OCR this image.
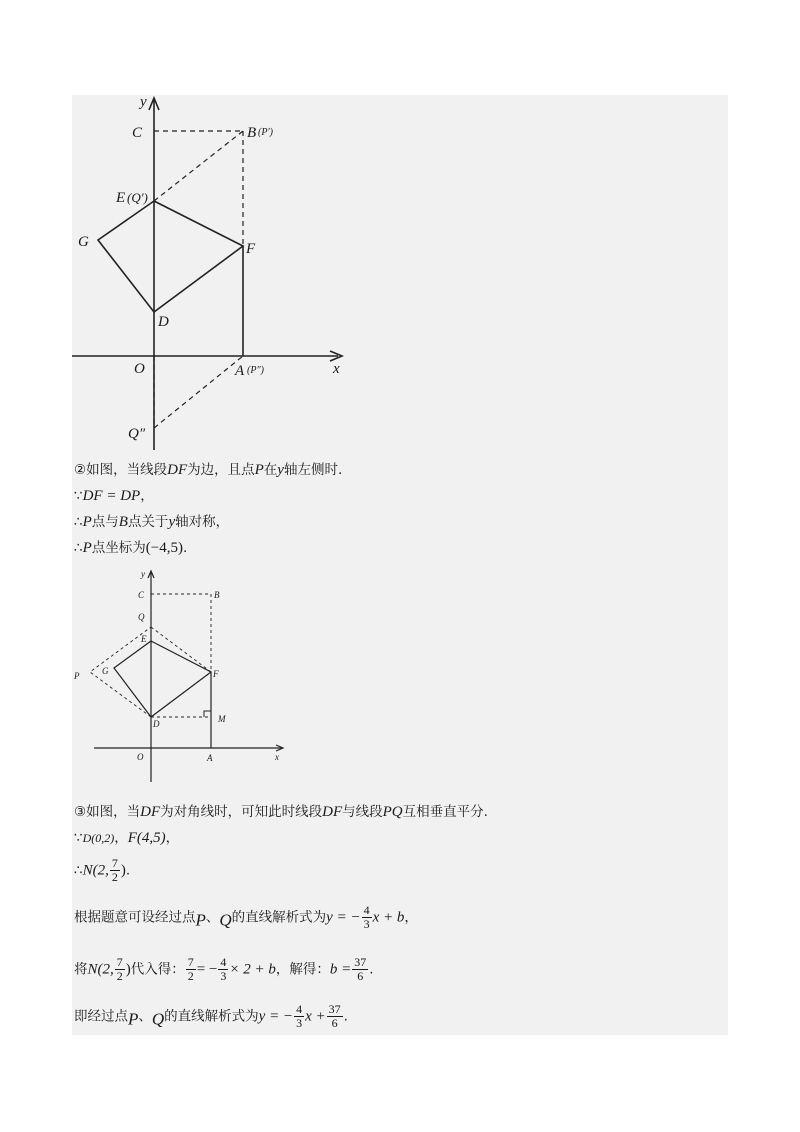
y
x
C	B (P′)
E (Q′)
G	F
D
O	A (P″)
Q″
②如图，当线段DF为边，且点P在y轴左侧时.
∵DF = DP，
∴P点与B点关于y轴对称，
∴P点坐标为(−4,5).
y
x
C	B
Q
E
P	G	F
D	M
O	A
③如图，当DF为对角线时，可知此时线段DF与线段PQ互相垂直平分.
∵D(0,2)，F(4,5)，
∴N(2, $\frac{7}{2}$ ).
根据题意可设经过点P、Q的直线解析式为y = − $\frac{4}{3}$ x + b，
将N(2, $\frac{7}{2}$ )代入得： $\frac{7}{2}$ = − $\frac{4}{3} \times 2 + b$，解得：$b = \frac{37}{6}$ .
即经过点P、Q的直线解析式为y = − $\frac{4}{3}$ $x + \frac{37}{6}$ .
